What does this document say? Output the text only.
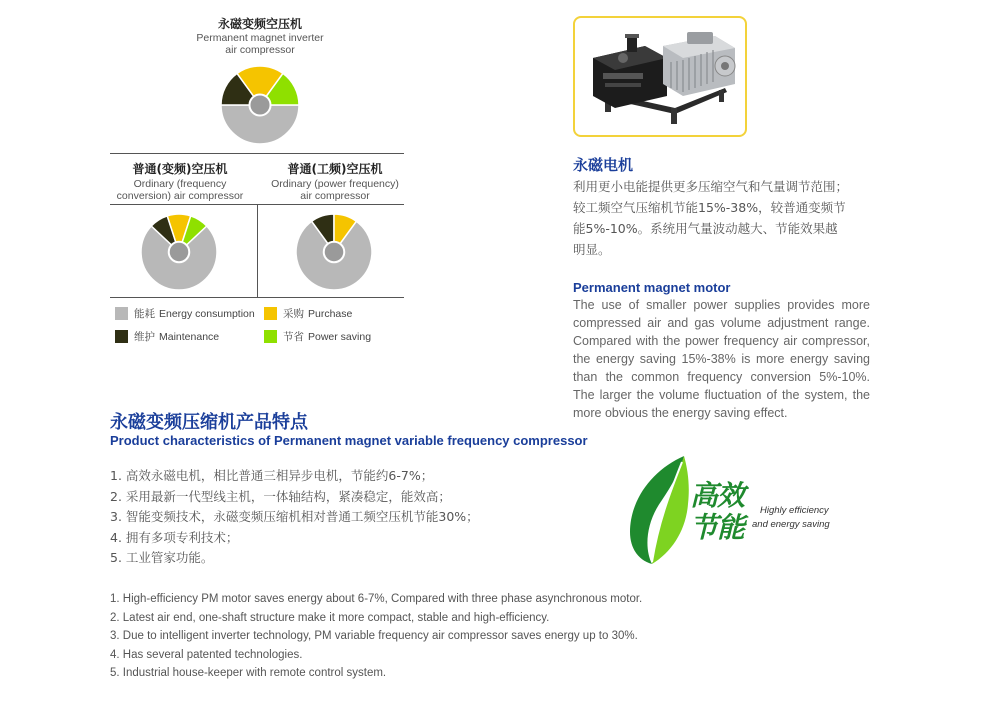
永磁变频空压机
Permanent magnet inverter
air compressor
普通(变频)空压机
Ordinary (frequency
conversion) air compressor
普通(工频)空压机
Ordinary (power frequency)
air compressor
能耗 Energy consumption	采购 Purchase
维护 Maintenance	节省 Power saving
永磁电机
利用更小电能提供更多压缩空气和气量调节范围；
较工频空气压缩机节能15%-38%，较普通变频节
能5%-10%。系统用气量波动越大、节能效果越
明显。
Permanent magnet motor
The use of smaller power supplies provides more compressed air and gas volume adjustment range. Compared with the power frequency air compressor, the energy saving 15%-38% is more energy saving than the common frequency conversion 5%-10%. The larger the volume fluctuation of the system, the more obvious the energy saving effect.
永磁变频压缩机产品特点
Product characteristics of Permanent magnet variable frequency compressor
1. 高效永磁电机，相比普通三相异步电机，节能约6-7%；
2. 采用最新一代型线主机，一体轴结构，紧凑稳定，能效高；
3. 智能变频技术，永磁变频压缩机相对普通工频空压机节能30%；
4. 拥有多项专利技术；
5. 工业管家功能。
1. High-efficiency PM motor saves energy about 6-7%, Compared with three phase asynchronous motor.
2. Latest air end, one-shaft structure make it more compact, stable and high-efficiency.
3. Due to intelligent inverter technology, PM variable frequency air compressor saves energy up to 30%.
4. Has several patented technologies.
5. Industrial house-keeper with remote control system.
高效
节能
Highly efficiency
and energy saving
